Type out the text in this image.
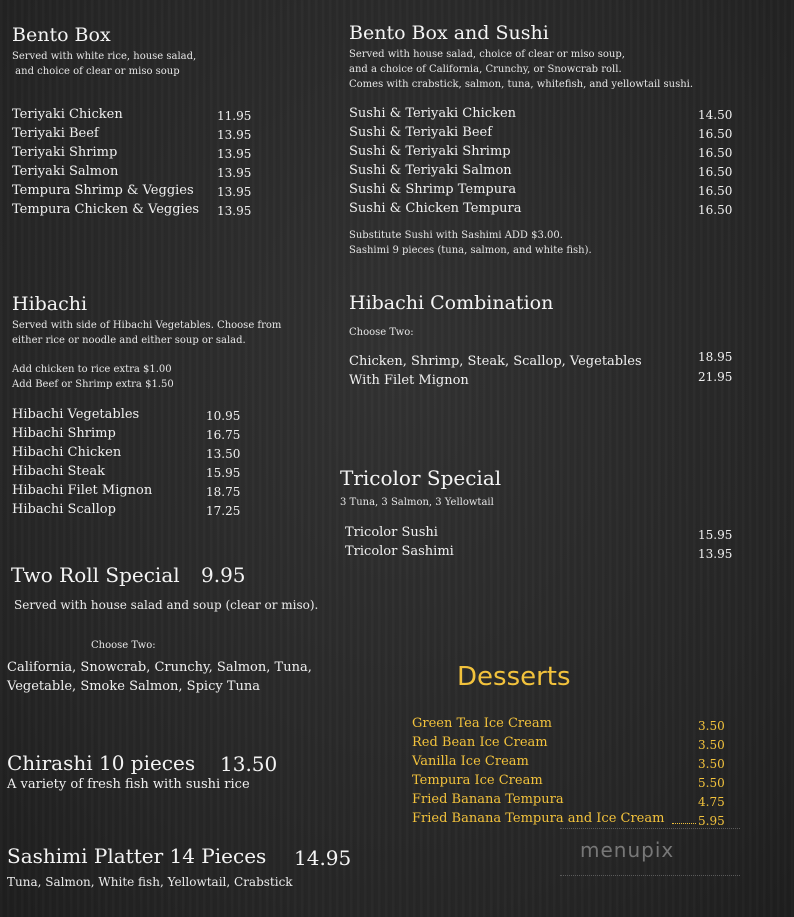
Bento Box
Served with white rice, house salad,
and choice of clear or miso soup
Teriyaki Chicken	11.95
Teriyaki Beef	13.95
Teriyaki Shrimp	13.95
Teriyaki Salmon	13.95
Tempura Shrimp & Veggies 13.95
Tempura Chicken & Veggies 13.95
Bento Box and Sushi
Served with house salad, choice of clear or miso soup,
and a choice of California, Crunchy, or Snowcrab roll.
Comes with crabstick, salmon, tuna, whitefish, and yellowtail sushi.
Sushi & Teriyaki Chicken	14.50
Sushi & Teriyaki Beef	16.50
Sushi & Teriyaki Shrimp	16.50
Sushi & Teriyaki Salmon	16.50
Sushi & Shrimp Tempura	16.50
Sushi & Chicken Tempura	16.50
Substitute Sushi with Sashimi ADD $3.00.
Sashimi 9 pieces (tuna, salmon, and white fish).
Hibachi
Served with side of Hibachi Vegetables. Choose from
either rice or noodle and either soup or salad.
Add chicken to rice extra $1.00
Add Beef or Shrimp extra $1.50
Hibachi Vegetables	10.95
Hibachi Shrimp	16.75
Hibachi Chicken	13.50
Hibachi Steak	15.95
Hibachi Filet Mignon	18.75
Hibachi Scallop	17.25
Hibachi Combination
Choose Two:
Chicken, Shrimp, Steak, Scallop, Vegetables	18.95
With Filet Mignon	21.95
Tricolor Special
3 Tuna, 3 Salmon, 3 Yellowtail
Tricolor Sushi	15.95
Tricolor Sashimi	13.95
Two Roll Special 9.95
Served with house salad and soup (clear or miso).
Choose Two:
California, Snowcrab, Crunchy, Salmon, Tuna,
Vegetable, Smoke Salmon, Spicy Tuna
Chirashi 10 pieces 13.50
A variety of fresh fish with sushi rice
Sashimi Platter 14 Pieces 14.95
Tuna, Salmon, White fish, Yellowtail, Crabstick
Desserts
Green Tea Ice Cream	3.50
Red Bean Ice Cream	3.50
Vanilla Ice Cream	3.50
Tempura Ice Cream	5.50
Fried Banana Tempura	4.75
Fried Banana Tempura and Ice Cream	5.95
menupix
